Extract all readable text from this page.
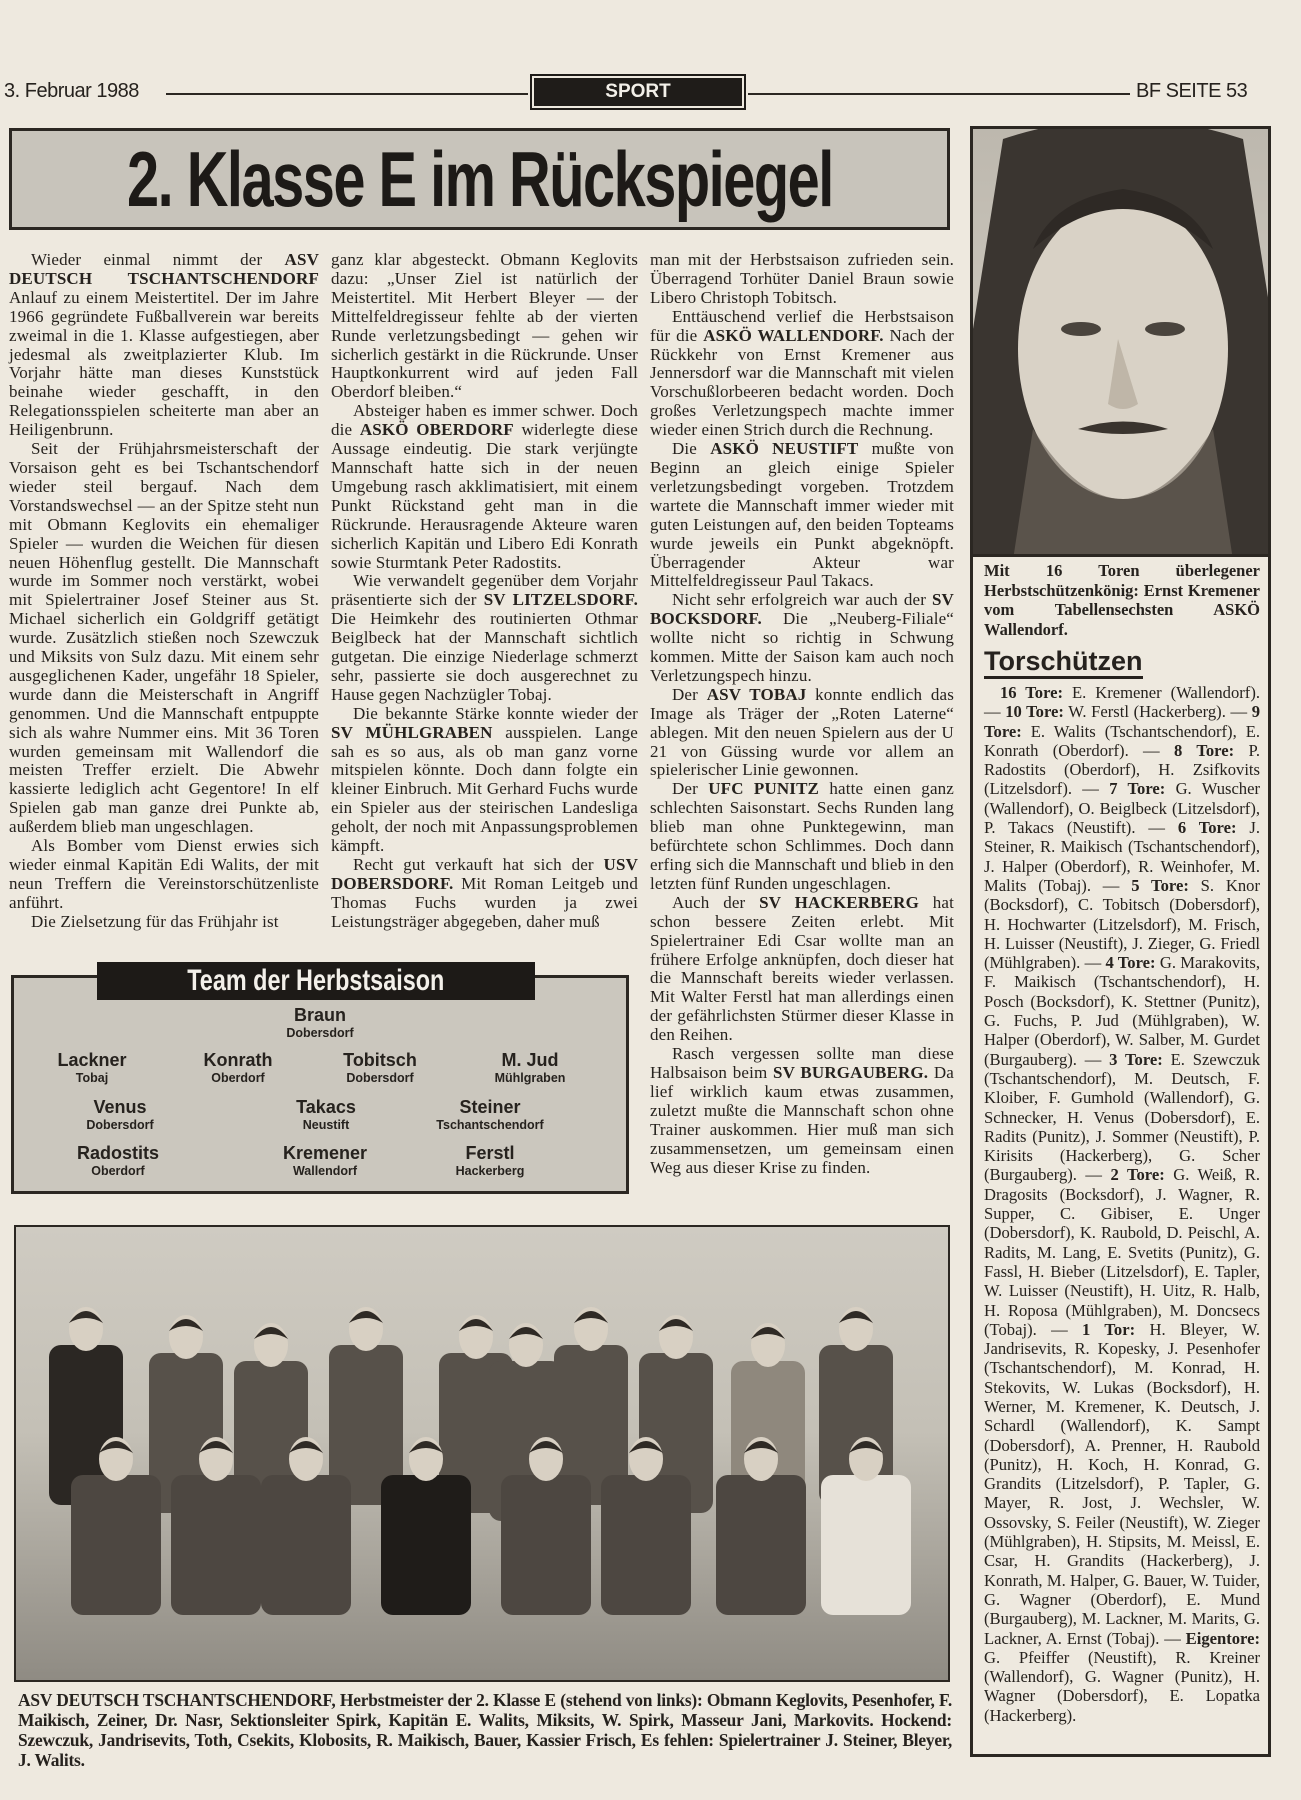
3. Februar 1988	SPORT	BF SEITE 53
2. Klasse E im Rückspiegel

Wieder einmal nimmt der ASV DEUTSCH TSCHANTSCHENDORF Anlauf zu einem Meistertitel. Der im Jahre 1966 gegründete Fußballverein war bereits zweimal in die 1. Klasse aufgestiegen, aber jedesmal als zweitplazierter Klub. Im Vorjahr hätte man dieses Kunststück beinahe wieder geschafft, in den Relegationsspielen scheiterte man aber an Heiligenbrunn.

Seit der Frühjahrsmeisterschaft der Vorsaison geht es bei Tschantschendorf wieder steil bergauf. Nach dem Vorstandswechsel — an der Spitze steht nun mit Obmann Keglovits ein ehemaliger Spieler — wurden die Weichen für diesen neuen Höhenflug gestellt. Die Mannschaft wurde im Sommer noch verstärkt, wobei mit Spielertrainer Josef Steiner aus St. Michael sicherlich ein Goldgriff getätigt wurde. Zusätzlich stießen noch Szewczuk und Miksits von Sulz dazu. Mit einem sehr ausgeglichenen Kader, ungefähr 18 Spieler, wurde dann die Meisterschaft in Angriff genommen. Und die Mannschaft entpuppte sich als wahre Nummer eins. Mit 36 Toren wurden gemeinsam mit Wallendorf die meisten Treffer erzielt. Die Abwehr kassierte lediglich acht Gegentore! In elf Spielen gab man ganze drei Punkte ab, außerdem blieb man ungeschlagen.

Als Bomber vom Dienst erwies sich wieder einmal Kapitän Edi Walits, der mit neun Treffern die Vereinstorschützenliste anführt.

Die Zielsetzung für das Frühjahr ist

ganz klar abgesteckt. Obmann Keglovits dazu: „Unser Ziel ist natürlich der Meistertitel. Mit Herbert Bleyer — der Mittelfeldregisseur fehlte ab der vierten Runde verletzungsbedingt — gehen wir sicherlich gestärkt in die Rückrunde. Unser Hauptkonkurrent wird auf jeden Fall Oberdorf bleiben.“

Absteiger haben es immer schwer. Doch die ASKÖ OBERDORF widerlegte diese Aussage eindeutig. Die stark verjüngte Mannschaft hatte sich in der neuen Umgebung rasch akklimatisiert, mit einem Punkt Rückstand geht man in die Rückrunde. Herausragende Akteure waren sicherlich Kapitän und Libero Edi Konrath sowie Sturmtank Peter Radostits.

Wie verwandelt gegenüber dem Vorjahr präsentierte sich der SV LITZELSDORF. Die Heimkehr des routinierten Othmar Beiglbeck hat der Mannschaft sichtlich gutgetan. Die einzige Niederlage schmerzt sehr, passierte sie doch ausgerechnet zu Hause gegen Nachzügler Tobaj.

Die bekannte Stärke konnte wieder der SV MÜHLGRABEN ausspielen. Lange sah es so aus, als ob man ganz vorne mitspielen könnte. Doch dann folgte ein kleiner Einbruch. Mit Gerhard Fuchs wurde ein Spieler aus der steirischen Landesliga geholt, der noch mit Anpassungsproblemen kämpft.

Recht gut verkauft hat sich der USV DOBERSDORF. Mit Roman Leitgeb und Thomas Fuchs wurden ja zwei Leistungsträger abgegeben, daher muß

man mit der Herbstsaison zufrieden sein. Überragend Torhüter Daniel Braun sowie Libero Christoph Tobitsch.

Enttäuschend verlief die Herbstsaison für die ASKÖ WALLENDORF. Nach der Rückkehr von Ernst Kremener aus Jennersdorf war die Mannschaft mit vielen Vorschußlorbeeren bedacht worden. Doch großes Verletzungspech machte immer wieder einen Strich durch die Rechnung.

Die ASKÖ NEUSTIFT mußte von Beginn an gleich einige Spieler verletzungsbedingt vorgeben. Trotzdem wartete die Mannschaft immer wieder mit guten Leistungen auf, den beiden Topteams wurde jeweils ein Punkt abgeknöpft. Überragender Akteur war Mittelfeldregisseur Paul Takacs.

Nicht sehr erfolgreich war auch der SV BOCKSDORF. Die „Neuberg-Filiale“ wollte nicht so richtig in Schwung kommen. Mitte der Saison kam auch noch Verletzungspech hinzu.

Der ASV TOBAJ konnte endlich das Image als Träger der „Roten Laterne“ ablegen. Mit den neuen Spielern aus der U 21 von Güssing wurde vor allem an spielerischer Linie gewonnen.

Der UFC PUNITZ hatte einen ganz schlechten Saisonstart. Sechs Runden lang blieb man ohne Punktegewinn, man befürchtete schon Schlimmes. Doch dann erfing sich die Mannschaft und blieb in den letzten fünf Runden ungeschlagen.

Auch der SV HACKERBERG hat schon bessere Zeiten erlebt. Mit Spielertrainer Edi Csar wollte man an frühere Erfolge anknüpfen, doch dieser hat die Mannschaft bereits wieder verlassen. Mit Walter Ferstl hat man allerdings einen der gefährlichsten Stürmer dieser Klasse in den Reihen.

Rasch vergessen sollte man diese Halbsaison beim SV BURGAUBERG. Da lief wirklich kaum etwas zusammen, zuletzt mußte die Mannschaft schon ohne Trainer auskommen. Hier muß man sich zusammensetzen, um gemeinsam einen Weg aus dieser Krise zu finden.

Mit 16 Toren überlegener Herbstschützenkönig: Ernst Kremener vom Tabellensechsten ASKÖ Wallendorf.
Torschützen
16 Tore: E. Kremener (Wallendorf). — 10 Tore: W. Ferstl (Hackerberg). — 9 Tore: E. Walits (Tschantschendorf), E. Konrath (Oberdorf). — 8 Tore: P. Radostits (Oberdorf), H. Zsifkovits (Litzelsdorf). — 7 Tore: G. Wuscher (Wallendorf), O. Beiglbeck (Litzelsdorf), P. Takacs (Neustift). — 6 Tore: J. Steiner, R. Maikisch (Tschantschendorf), J. Halper (Oberdorf), R. Weinhofer, M. Malits (Tobaj). — 5 Tore: S. Knor (Bocksdorf), C. Tobitsch (Dobersdorf), H. Hochwarter (Litzelsdorf), M. Frisch, H. Luisser (Neustift), J. Zieger, G. Friedl (Mühlgraben). — 4 Tore: G. Marakovits, F. Maikisch (Tschantschendorf), H. Posch (Bocksdorf), K. Stettner (Punitz), G. Fuchs, P. Jud (Mühlgraben), W. Halper (Oberdorf), W. Salber, M. Gurdet (Burgauberg). — 3 Tore: E. Szewczuk (Tschantschendorf), M. Deutsch, F. Kloiber, F. Gumhold (Wallendorf), G. Schnecker, H. Venus (Dobersdorf), E. Radits (Punitz), J. Sommer (Neustift), P. Kirisits (Hackerberg), G. Scher (Burgauberg). — 2 Tore: G. Weiß, R. Dragosits (Bocksdorf), J. Wagner, R. Supper, C. Gibiser, E. Unger (Dobersdorf), K. Raubold, D. Peischl, A. Radits, M. Lang, E. Svetits (Punitz), G. Fassl, H. Bieber (Litzelsdorf), E. Tapler, W. Luisser (Neustift), H. Uitz, R. Halb, H. Roposa (Mühlgraben), M. Doncsecs (Tobaj). — 1 Tor: H. Bleyer, W. Jandrisevits, R. Kopesky, J. Pesenhofer (Tschantschendorf), M. Konrad, H. Stekovits, W. Lukas (Bocksdorf), H. Werner, M. Kremener, K. Deutsch, J. Schardl (Wallendorf), K. Sampt (Dobersdorf), A. Prenner, H. Raubold (Punitz), H. Koch, H. Konrad, G. Grandits (Litzelsdorf), P. Tapler, G. Mayer, R. Jost, J. Wechsler, W. Ossovsky, S. Feiler (Neustift), W. Zieger (Mühlgraben), H. Stipsits, M. Meissl, E. Csar, H. Grandits (Hackerberg), J. Konrath, M. Halper, G. Bauer, W. Tuider, G. Wagner (Oberdorf), E. Mund (Burgauberg), M. Lackner, M. Marits, G. Lackner, A. Ernst (Tobaj). — Eigentore: G. Pfeiffer (Neustift), R. Kreiner (Wallendorf), G. Wagner (Punitz), H. Wagner (Dobersdorf), E. Lopatka (Hackerberg).
Team der Herbstsaison
Braun
Dobersdorf
Lackner
Tobaj
Konrath
Oberdorf
Tobitsch
Dobersdorf
M. Jud
Mühlgraben
Venus
Dobersdorf
Takacs
Neustift
Steiner
Tschantschendorf
Radostits
Oberdorf
Kremener
Wallendorf
Ferstl
Hackerberg
ASV DEUTSCH TSCHANTSCHENDORF, Herbstmeister der 2. Klasse E (stehend von links): Obmann Keglovits, Pesenhofer, F. Maikisch, Zeiner, Dr. Nasr, Sektionsleiter Spirk, Kapitän E. Walits, Miksits, W. Spirk, Masseur Jani, Markovits. Hockend: Szewczuk, Jandrisevits, Toth, Csekits, Klobosits, R. Maikisch, Bauer, Kassier Frisch, Es fehlen: Spielertrainer J. Steiner, Bleyer, J. Walits.
